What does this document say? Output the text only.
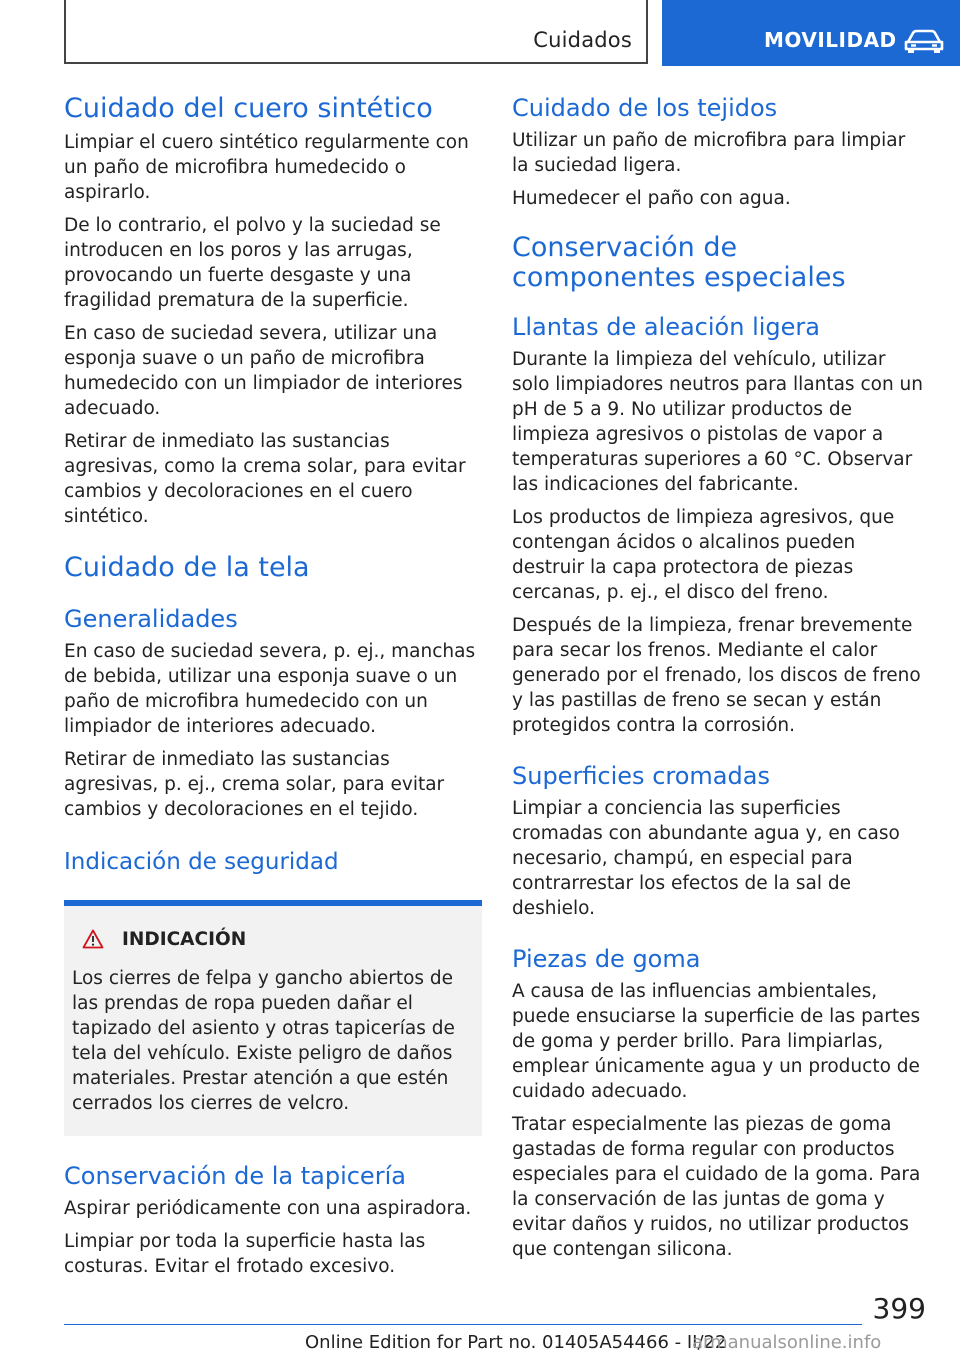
Cuidados	MOVILIDAD
Cuidado del cuero sintético

Limpiar el cuero sintético regularmente con un paño de microfibra humedecido o aspirarlo.

De lo contrario, el polvo y la suciedad se introducen en los poros y las arrugas, provocando un fuerte desgaste y una fragilidad prematura de la superficie.

En caso de suciedad severa, utilizar una esponja suave o un paño de microfibra humedecido con un limpiador de interiores adecuado.

Retirar de inmediato las sustancias agresivas, como la crema solar, para evitar cambios y decoloraciones en el cuero sintético.

Cuidado de la tela
Generalidades

En caso de suciedad severa, p. ej., manchas de bebida, utilizar una esponja suave o un paño de microfibra humedecido con un limpiador de interiores adecuado.

Retirar de inmediato las sustancias agresivas, p. ej., crema solar, para evitar cambios y decoloraciones en el tejido.

Indicación de seguridad
INDICACIÓN

Los cierres de felpa y gancho abiertos de las prendas de ropa pueden dañar el tapizado del asiento y otras tapicerías de tela del vehículo. Existe peligro de daños materiales. Prestar atención a que estén cerrados los cierres de velcro.

Conservación de la tapicería

Aspirar periódicamente con una aspiradora.

Limpiar por toda la superficie hasta las costuras. Evitar el frotado excesivo.

Cuidado de los tejidos

Utilizar un paño de microfibra para limpiar la suciedad ligera.

Humedecer el paño con agua.

Conservación de componentes especiales
Llantas de aleación ligera

Durante la limpieza del vehículo, utilizar solo limpiadores neutros para llantas con un pH de 5 a 9. No utilizar productos de limpieza agresivos o pistolas de vapor a temperaturas superiores a 60 °C. Observar las indicaciones del fabricante.

Los productos de limpieza agresivos, que contengan ácidos o alcalinos pueden destruir la capa protectora de piezas cercanas, p. ej., el disco del freno.

Después de la limpieza, frenar brevemente para secar los frenos. Mediante el calor generado por el frenado, los discos de freno y las pastillas de freno se secan y están protegidos contra la corrosión.

Superficies cromadas

Limpiar a conciencia las superficies cromadas con abundante agua y, en caso necesario, champú, en especial para contrarrestar los efectos de la sal de deshielo.

Piezas de goma

A causa de las influencias ambientales, puede ensuciarse la superficie de las partes de goma y perder brillo. Para limpiarlas, emplear únicamente agua y un producto de cuidado adecuado.

Tratar especialmente las piezas de goma gastadas de forma regular con productos especiales para el cuidado de la goma. Para la conservación de las juntas de goma y evitar daños y ruidos, no utilizar productos que contengan silicona.

399
Online Edition for Part no. 01405A54466 - II/22
armanualsonline.info
